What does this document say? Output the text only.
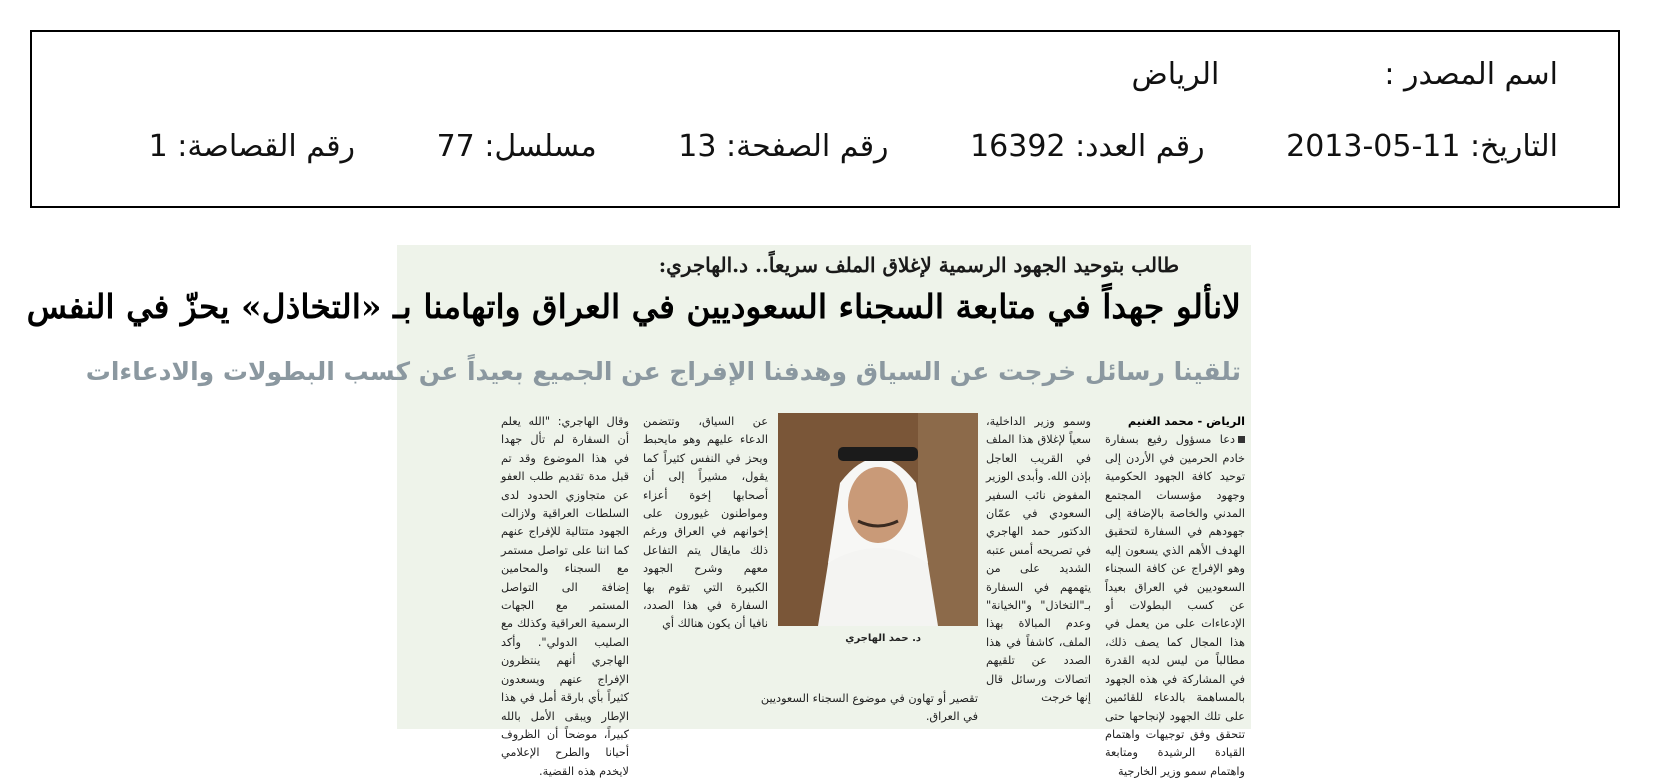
اسم المصدر :الرياض
التاريخ: 2013-05-11 رقم العدد: 16392 رقم الصفحة: 13 مسلسل: 77 رقم القصاصة: 1
طالب بتوحيد الجهود الرسمية لإغلاق الملف سريعاً.. د.الهاجري:
لانألو جهداً في متابعة السجناء السعوديين في العراق واتهامنا بـ «التخاذل» يحزّ في النفس
تلقينا رسائل خرجت عن السياق وهدفنا الإفراج عن الجميع بعيداً عن كسب البطولات والادعاءات
الرياض - محمد الغنيم

دعا مسؤول رفيع بسفارة خادم الحرمين في الأردن إلى توحيد كافة الجهود الحكومية وجهود مؤسسات المجتمع المدني والخاصة بالإضافة إلى جهودهم في السفارة لتحقيق الهدف الأهم الذي يسعون إليه وهو الإفراج عن كافة السجناء السعوديين في العراق بعيداً عن كسب البطولات أو الإدعاءات على من يعمل في هذا المجال كما يصف ذلك، مطالباً من ليس لديه القدرة في المشاركة في هذه الجهود بالمساهمة بالدعاء للقائمين على تلك الجهود لإنجاحها حتى تتحقق وفق توجيهات واهتمام القيادة الرشيدة ومتابعة واهتمام سمو وزير الخارجية

وسمو وزير الداخلية، سعياً لإغلاق هذا الملف في القريب العاجل بإذن الله. وأبدى الوزير المفوض نائب السفير السعودي في عمّان الدكتور حمد الهاجري في تصريحه أمس عتبه الشديد على من يتهمهم في السفارة بـ"التخاذل" و"الخيانة" وعدم المبالاة بهذا الملف، كاشفاً في هذا الصدد عن تلقيهم اتصالات ورسائل قال إنها خرجت

د. حمد الهاجري
تقصير أو تهاون في موضوع السجناء السعوديين في العراق.

عن السياق، وتتضمن الدعاء عليهم وهو مايحبط ويحز في النفس كثيراً كما يقول، مشيراً إلى أن أصحابها إخوة أعزاء ومواطنون غيورون على إخوانهم في العراق ورغم ذلك مايقال يتم التفاعل معهم وشرح الجهود الكبيرة التي تقوم بها السفارة في هذا الصدد، نافيا أن يكون هنالك أي

وقال الهاجري: "الله يعلم أن السفارة لم تأل جهدا في هذا الموضوع وقد تم قبل مدة تقديم طلب العفو عن متجاوزي الحدود لدى السلطات العراقية ولازالت الجهود متتالية للإفراج عنهم كما اننا على تواصل مستمر مع السجناء والمحامين إضافة الى التواصل المستمر مع الجهات الرسمية العراقية وكذلك مع الصليب الدولي". وأكد الهاجري أنهم ينتظرون الإفراج عنهم ويسعدون كثيراً بأي بارقة أمل في هذا الإطار ويبقى الأمل بالله كبيراً، موضحاً أن الظروف أحيانا والطرح الإعلامي لايخدم هذه القضية.
